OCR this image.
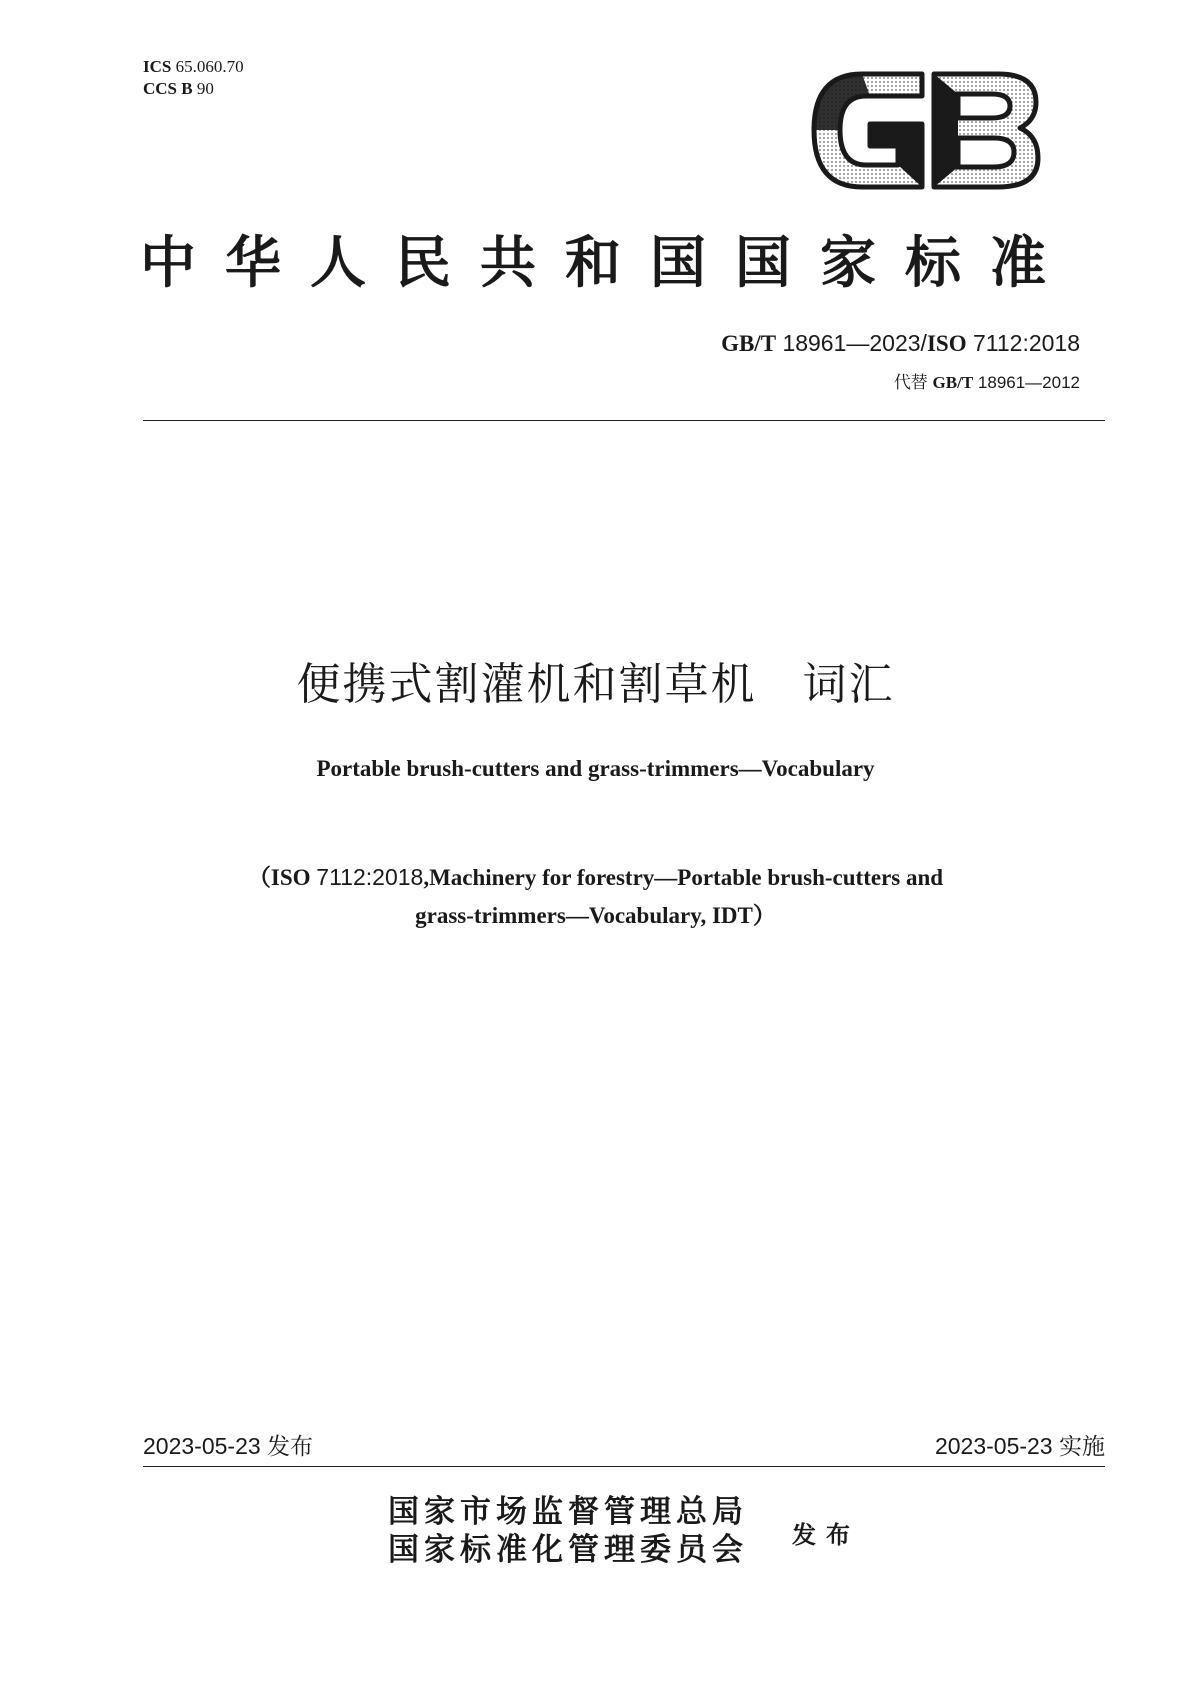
ICS 65.060.70
CCS B 90
中华人民共和国国家标准
GB/T 18961—2023/ISO 7112:2018
代替 GB/T 18961—2012
便携式割灌机和割草机　词汇
Portable brush-cutters and grass-trimmers—Vocabulary
（ISO 7112:2018,Machinery for forestry—Portable brush-cutters and
grass-trimmers—Vocabulary, IDT）
2023-05-23 发布	2023-05-23 实施
国家市场监督管理总局
国家标准化管理委员会 发布
